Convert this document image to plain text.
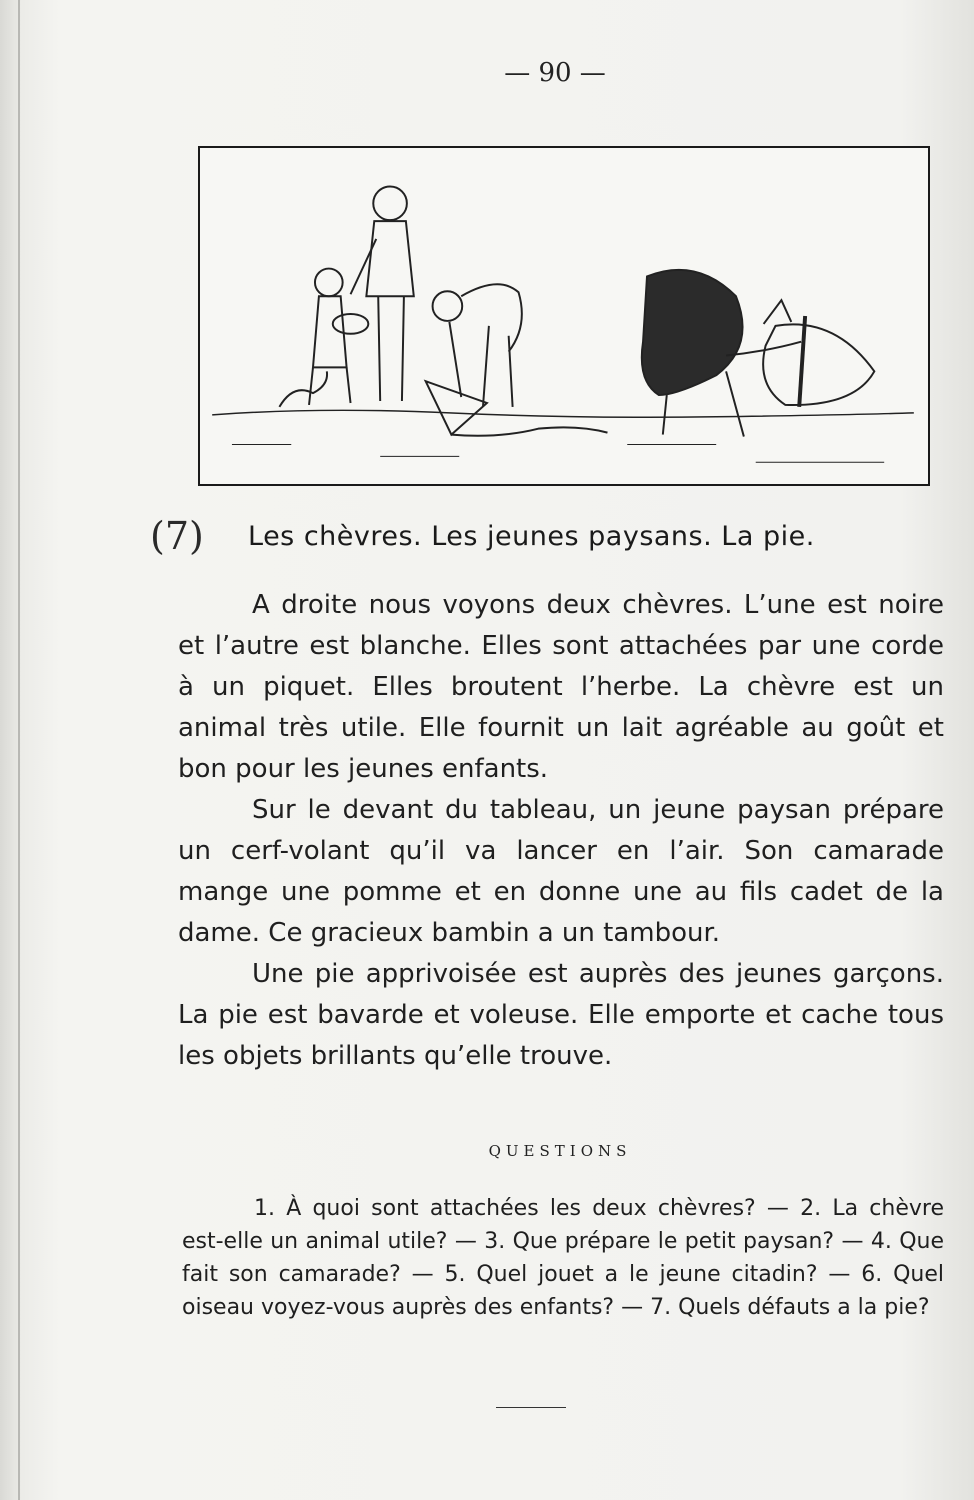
— 90 —
(7) Les chèvres. Les jeunes paysans. La pie.

A droite nous voyons deux chèvres. L’une est noire et l’autre est blanche. Elles sont attachées par une corde à un piquet. Elles broutent l’herbe. La chèvre est un animal très utile. Elle fournit un lait agréable au goût et bon pour les jeunes enfants.

Sur le devant du tableau, un jeune paysan prépare un cerf-volant qu’il va lancer en l’air. Son camarade mange une pomme et en donne une au fils cadet de la dame. Ce gracieux bambin a un tambour.

Une pie apprivoisée est auprès des jeunes garçons. La pie est bavarde et voleuse. Elle emporte et cache tous les objets brillants qu’elle trouve.

QUESTIONS
1. À quoi sont attachées les deux chèvres? — 2. La chèvre est-elle un animal utile? — 3. Que prépare le petit paysan? — 4. Que fait son camarade? — 5. Quel jouet a le jeune citadin? — 6. Quel oiseau voyez-vous auprès des enfants? — 7. Quels défauts a la pie?
